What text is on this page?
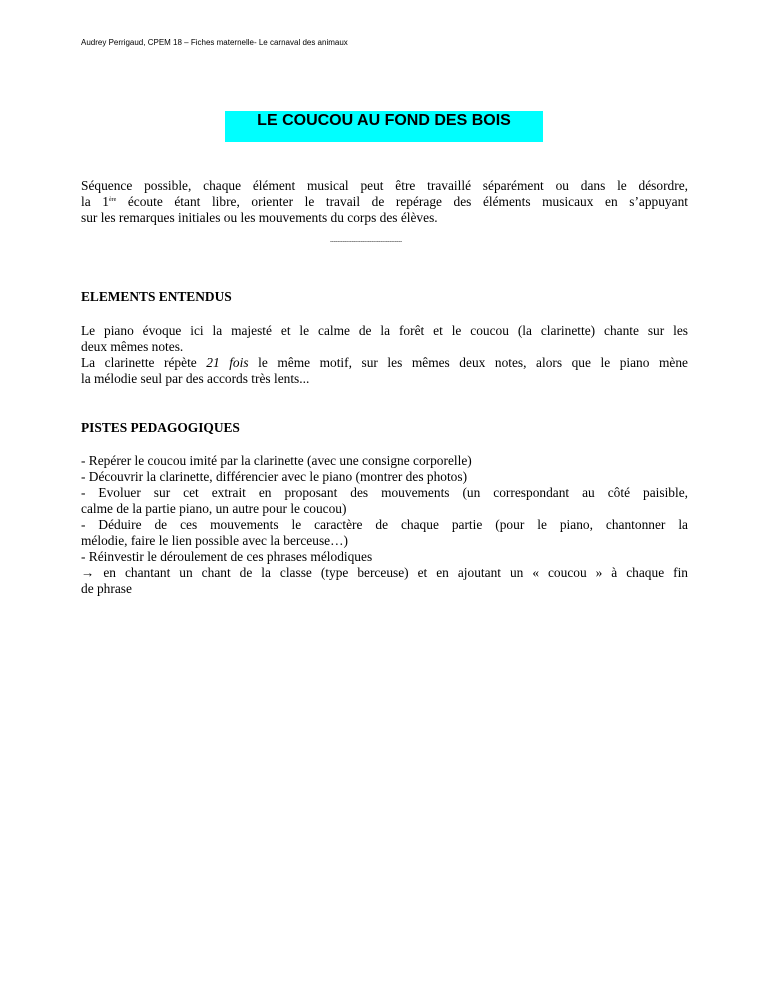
Audrey Perrigaud, CPEM 18 – Fiches maternelle- Le carnaval des animaux
LE COUCOU AU FOND DES BOIS
Séquence possible, chaque élément musical peut être travaillé séparément ou dans le désordre,
la 1ère écoute étant libre, orienter le travail de repérage des éléments musicaux en s’appuyant
sur les remarques initiales ou les mouvements du corps des élèves.
----------------------------------------
ELEMENTS ENTENDUS
Le piano évoque ici la majesté et le calme de la forêt et le coucou (la clarinette) chante sur les
deux mêmes notes.
La clarinette répète 21 fois le même motif, sur les mêmes deux notes, alors que le piano mène
la mélodie seul par des accords très lents...
PISTES PEDAGOGIQUES
- Repérer le coucou imité par la clarinette (avec une consigne corporelle)
- Découvrir la clarinette, différencier avec le piano (montrer des photos)
- Evoluer sur cet extrait en proposant des mouvements (un correspondant au côté paisible,
calme de la partie piano, un autre pour le coucou)
- Déduire de ces mouvements le caractère de chaque partie (pour le piano, chantonner la
mélodie, faire le lien possible avec la berceuse…)
- Réinvestir le déroulement de ces phrases mélodiques
→ en chantant un chant de la classe (type berceuse) et en ajoutant un « coucou » à chaque fin
de phrase
